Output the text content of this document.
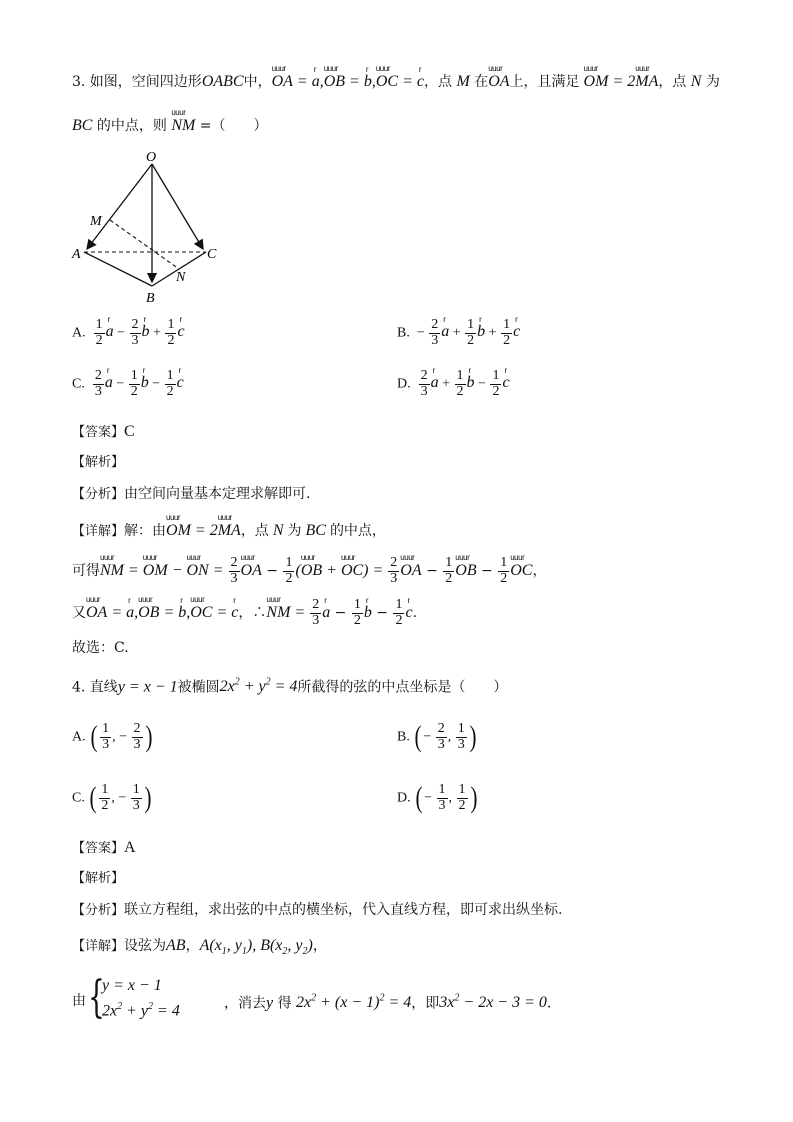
3. 如图，空间四边形OABC中，uuur OA = r a,uuur OB = r b,uuur OC = r c，点 M 在uuur OA上，且满足 uuur OM = 2uuur MA，点 N 为
BC 的中点，则 uuur NM =（　　）
O
M
A	C
N
B
A. $\frac{1}{2}$ r $a - \frac{2}{3}$ r $b + \frac{1}{2}$ r c	B.  − $\frac{2}{3}$ r $a + \frac{1}{2}$ r $b + \frac{1}{2}$ r c
C. $\frac{2}{3}$ r $a - \frac{1}{2}$ r $b - \frac{1}{2}$ r c	D. $\frac{2}{3}$ r $a + \frac{1}{2}$ r $b - \frac{1}{2}$ r c
【答案】C
【解析】
【分析】由空间向量基本定理求解即可.
【详解】解：由uuur OM = 2uuur MA，点 N 为 BC 的中点，
可得uuur NM = uuur OM − uuur ON = $\frac{2}{3}$ uuur OA − $\frac{1}{2}$ (uuur OB + uuur $OC) = \frac{2}{3}$ uuur OA − $\frac{1}{2}$ uuur OB − $\frac{1}{2}$ uuur OC，
又uuur OA = r a,uuur OB = r b,uuur OC = r c，∴uuur NM = $\frac{2}{3}$ r $a - \frac{1}{2}$ r $b - \frac{1}{2}$ r c.
故选：C.
4. 直线y = x − 1被椭圆$2x^2 + y^2 = 4$所截得的弦的中点坐标是（　　）
A. ( $\frac{1}{3}$ , − $\frac{2}{3}$ )	B. ( − $\frac{2}{3}$ , $\frac{1}{3}$ )
C. ( $\frac{1}{2}$ , − $\frac{1}{3}$ )	D. ( − $\frac{1}{3}$ , $\frac{1}{2}$ )
【答案】A
【解析】
【分析】联立方程组，求出弦的中点的横坐标，代入直线方程，即可求出纵坐标.
【详解】设弦为AB，$A(x_1$, $y_1$), $B(x_2$, $y_2$)，
由 {
y = x − 1
$2x^2 + y^2 = 4$	，消去y 得 $2x^2 + (x - 1)^2 = 4$，即$3x^2 - 2x - 3 = 0$.
